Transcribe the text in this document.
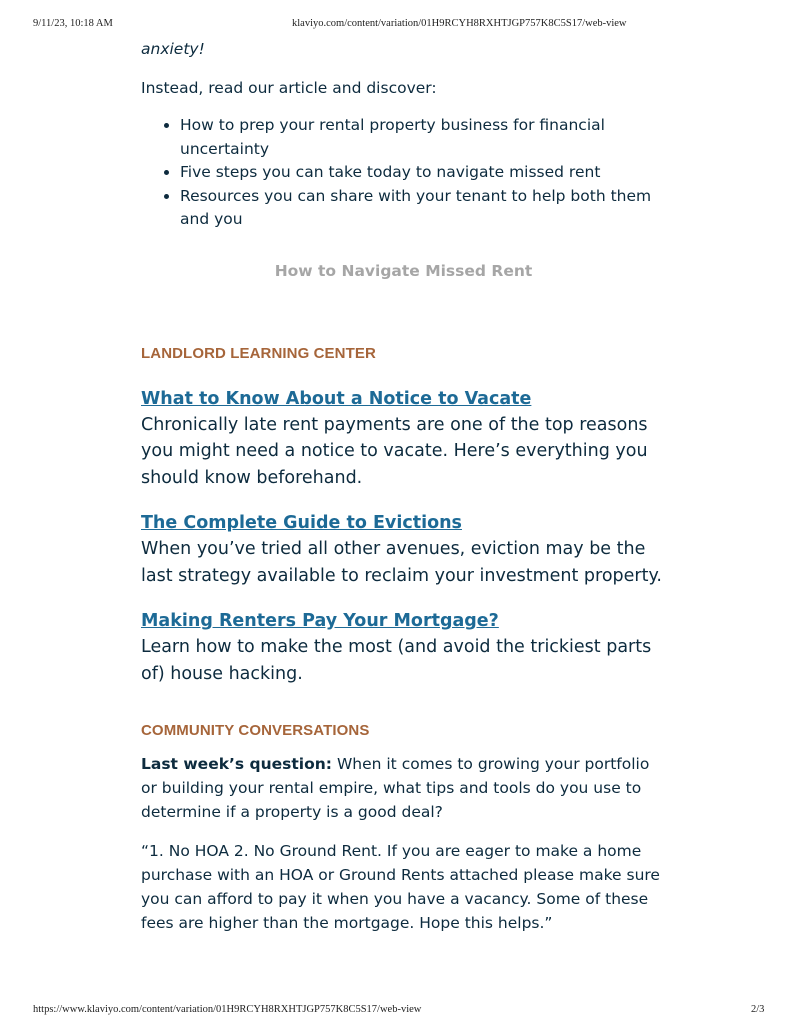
9/11/23, 10:18 AM	klaviyo.com/content/variation/01H9RCYH8RXHTJGP757K8C5S17/web-view

anxiety!

Instead, read our article and discover:

• How to prep your rental property business for financial uncertainty
• Five steps you can take today to navigate missed rent
• Resources you can share with your tenant to help both them and you

How to Navigate Missed Rent

LANDLORD LEARNING CENTER
What to Know About a Notice to Vacate

Chronically late rent payments are one of the top reasons you might need a notice to vacate. Here’s everything you should know beforehand.

The Complete Guide to Evictions

When you’ve tried all other avenues, eviction may be the last strategy available to reclaim your investment property.

Making Renters Pay Your Mortgage?

Learn how to make the most (and avoid the trickiest parts of) house hacking.

COMMUNITY CONVERSATIONS

Last week’s question: When it comes to growing your portfolio or building your rental empire, what tips and tools do you use to determine if a property is a good deal?

“1. No HOA 2. No Ground Rent. If you are eager to make a home purchase with an HOA or Ground Rents attached please make sure you can afford to pay it when you have a vacancy. Some of these fees are higher than the mortgage. Hope this helps.”

https://www.klaviyo.com/content/variation/01H9RCYH8RXHTJGP757K8C5S17/web-view	2/3
